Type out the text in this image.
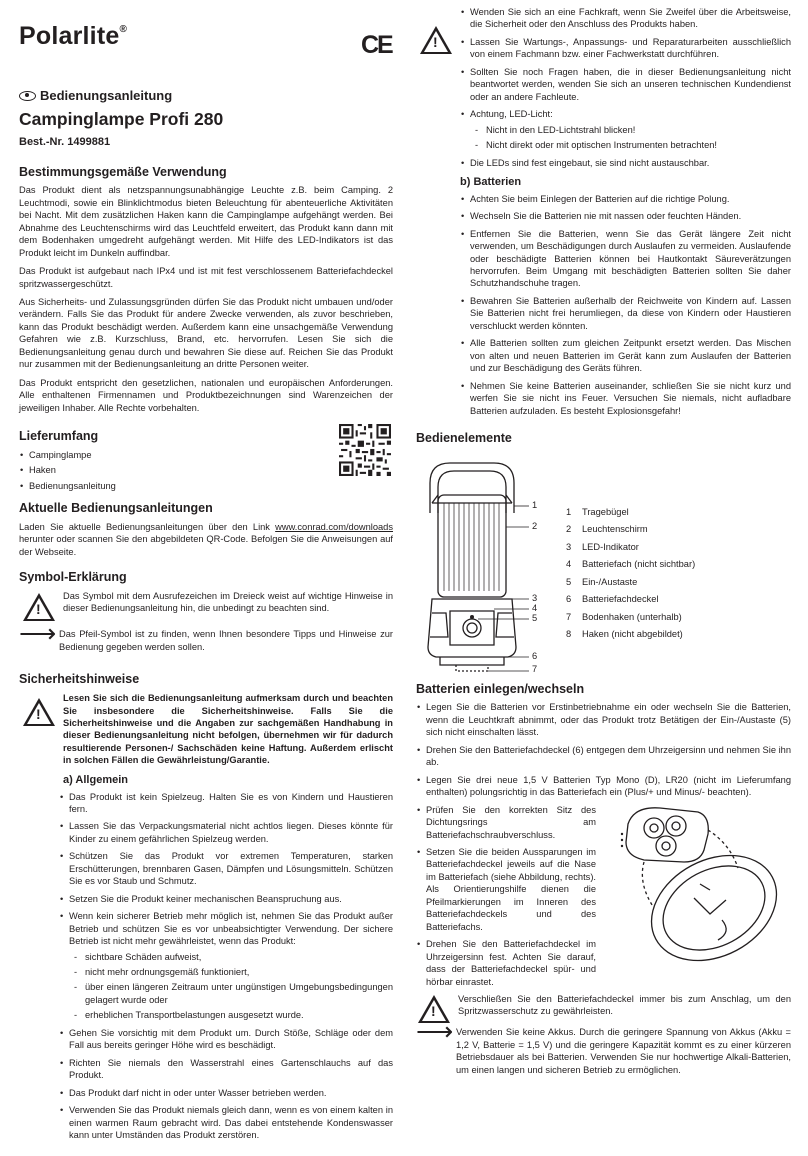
Polarlite®
CE
Bedienungsanleitung
Campinglampe Profi 280
Best.-Nr. 1499881
Bestimmungsgemäße Verwendung

Das Produkt dient als netzspannungsunabhängige Leuchte z.B. beim Camping. 2 Leuchtmodi, sowie ein Blinklichtmodus bieten Beleuchtung für abenteuerliche Aktivitäten bei Nacht. Mit dem zusätzlichen Haken kann die Campinglampe aufgehängt werden. Bei Abnahme des Leuchtenschirms wird das Leuchtfeld erweitert, das Produkt kann dann mit dem Bodenhaken umgedreht aufgehängt werden. Mit Hilfe des LED-Indikators ist das Produkt leicht im Dunkeln auffindbar.

Das Produkt ist aufgebaut nach IPx4 und ist mit fest verschlossenem Batteriefachdeckel spritzwassergeschützt.

Aus Sicherheits- und Zulassungsgründen dürfen Sie das Produkt nicht umbauen und/oder verändern. Falls Sie das Produkt für andere Zwecke verwenden, als zuvor beschrieben, kann das Produkt beschädigt werden. Außerdem kann eine unsachgemäße Verwendung Gefahren wie z.B. Kurzschluss, Brand, etc. hervorrufen. Lesen Sie sich die Bedienungsanleitung genau durch und bewahren Sie diese auf. Reichen Sie das Produkt nur zusammen mit der Bedienungsanleitung an dritte Personen weiter.

Das Produkt entspricht den gesetzlichen, nationalen und europäischen Anforderungen. Alle enthaltenen Firmennamen und Produktbezeichnungen sind Warenzeichen der jeweiligen Inhaber. Alle Rechte vorbehalten.

Lieferumfang
• Campinglampe
• Haken
• Bedienungsanleitung
Aktuelle Bedienungsanleitungen

Laden Sie aktuelle Bedienungsanleitungen über den Link www.conrad.com/downloads herunter oder scannen Sie den abgebildeten QR-Code. Befolgen Sie die Anweisungen auf der Webseite.

Symbol-Erklärung
!

Das Symbol mit dem Ausrufezeichen im Dreieck weist auf wichtige Hinweise in dieser Bedienungsanleitung hin, die unbedingt zu beachten sind.

⟶ Das Pfeil-Symbol ist zu finden, wenn Ihnen besondere Tipps und Hinweise zur Bedienung gegeben werden sollen.

Sicherheitshinweise
!

Lesen Sie sich die Bedienungsanleitung aufmerksam durch und beachten Sie insbesondere die Sicherheitshinweise. Falls Sie die Sicherheitshinweise und die Angaben zur sachgemäßen Handhabung in dieser Bedienungsanleitung nicht befolgen, übernehmen wir für dadurch resultierende Personen-/ Sachschäden keine Haftung. Außerdem erlischt in solchen Fällen die Gewährleistung/Garantie.

a) Allgemein
• Das Produkt ist kein Spielzeug. Halten Sie es von Kindern und Haustieren fern.
• Lassen Sie das Verpackungsmaterial nicht achtlos liegen. Dieses könnte für Kinder zu einem gefährlichen Spielzeug werden.
• Schützen Sie das Produkt vor extremen Temperaturen, starken Erschütterungen, brennbaren Gasen, Dämpfen und Lösungsmitteln. Schützen Sie es vor Staub und Schmutz.
• Setzen Sie die Produkt keiner mechanischen Beanspruchung aus.
• Wenn kein sicherer Betrieb mehr möglich ist, nehmen Sie das Produkt außer Betrieb und schützen Sie es vor unbeabsichtigter Verwendung. Der sichere Betrieb ist nicht mehr gewährleistet, wenn das Produkt:
- sichtbare Schäden aufweist,
- nicht mehr ordnungsgemäß funktioniert,
- über einen längeren Zeitraum unter ungünstigen Umgebungsbedingungen gelagert wurde oder
- erheblichen Transportbelastungen ausgesetzt wurde.
• Gehen Sie vorsichtig mit dem Produkt um. Durch Stöße, Schläge oder dem Fall aus bereits geringer Höhe wird es beschädigt.
• Richten Sie niemals den Wasserstrahl eines Gartenschlauchs auf das Produkt.
• Das Produkt darf nicht in oder unter Wasser betrieben werden.
• Verwenden Sie das Produkt niemals gleich dann, wenn es von einem kalten in einen warmen Raum gebracht wird. Das dabei entstehende Kondenswasser kann unter Umständen das Produkt zerstören.
!
• Wenden Sie sich an eine Fachkraft, wenn Sie Zweifel über die Arbeitsweise, die Sicherheit oder den Anschluss des Produkts haben.
• Lassen Sie Wartungs-, Anpassungs- und Reparaturarbeiten ausschließlich von einem Fachmann bzw. einer Fachwerkstatt durchführen.
• Sollten Sie noch Fragen haben, die in dieser Bedienungsanleitung nicht beantwortet werden, wenden Sie sich an unseren technischen Kundendienst oder an andere Fachleute.
• Achtung, LED-Licht:
- Nicht in den LED-Lichtstrahl blicken!
- Nicht direkt oder mit optischen Instrumenten betrachten!
• Die LEDs sind fest eingebaut, sie sind nicht austauschbar.
b) Batterien
• Achten Sie beim Einlegen der Batterien auf die richtige Polung.
• Wechseln Sie die Batterien nie mit nassen oder feuchten Händen.
• Entfernen Sie die Batterien, wenn Sie das Gerät längere Zeit nicht verwenden, um Beschädigungen durch Auslaufen zu vermeiden. Auslaufende oder beschädigte Batterien können bei Hautkontakt Säureverätzungen hervorrufen. Beim Umgang mit beschädigten Batterien sollten Sie daher Schutzhandschuhe tragen.
• Bewahren Sie Batterien außerhalb der Reichweite von Kindern auf. Lassen Sie Batterien nicht frei herumliegen, da diese von Kindern oder Haustieren verschluckt werden könnten.
• Alle Batterien sollten zum gleichen Zeitpunkt ersetzt werden. Das Mischen von alten und neuen Batterien im Gerät kann zum Auslaufen der Batterien und zur Beschädigung des Geräts führen.
• Nehmen Sie keine Batterien auseinander, schließen Sie sie nicht kurz und werfen Sie sie nicht ins Feuer. Versuchen Sie niemals, nicht aufladbare Batterien aufzuladen. Es besteht Explosionsgefahr!
Bedienelemente
1
2
3
4
5
6
7
1 Tragebügel
2 Leuchtenschirm
3 LED-Indikator
4 Batteriefach (nicht sichtbar)
5 Ein-/Austaste
6 Batteriefachdeckel
7 Bodenhaken (unterhalb)
8 Haken (nicht abgebildet)
Batterien einlegen/wechseln
• Legen Sie die Batterien vor Erstinbetriebnahme ein oder wechseln Sie die Batterien, wenn die Leuchtkraft abnimmt, oder das Produkt trotz Betätigen der Ein-/Austaste (5) sich nicht einschalten lässt.
• Drehen Sie den Batteriefachdeckel (6) entgegen dem Uhrzeigersinn und nehmen Sie ihn ab.
• Legen Sie drei neue 1,5 V Batterien Typ Mono (D), LR20 (nicht im Lieferumfang enthalten) polungsrichtig in das Batteriefach ein (Plus/+ und Minus/- beachten).
• Prüfen Sie den korrekten Sitz des Dichtungsrings am Batteriefachschraubverschluss.
• Setzen Sie die beiden Aussparungen im Batteriefachdeckel jeweils auf die Nase im Batteriefach (siehe Abbildung, rechts). Als Orientierungshilfe dienen die Pfeilmarkierungen im Inneren des Batteriefachdeckels und des Batteriefachs.
• Drehen Sie den Batteriefachdeckel im Uhrzeigersinn fest. Achten Sie darauf, dass der Batteriefachdeckel spür- und hörbar einrastet.
!

Verschließen Sie den Batteriefachdeckel immer bis zum Anschlag, um den Spritzwasserschutz zu gewährleisten.

⟶ Verwenden Sie keine Akkus. Durch die geringere Spannung von Akkus (Akku = 1,2 V, Batterie = 1,5 V) und die geringere Kapazität kommt es zu einer kürzeren Betriebsdauer als bei Batterien. Verwenden Sie nur hochwertige Alkali-Batterien, um einen langen und sicheren Betrieb zu ermöglichen.
